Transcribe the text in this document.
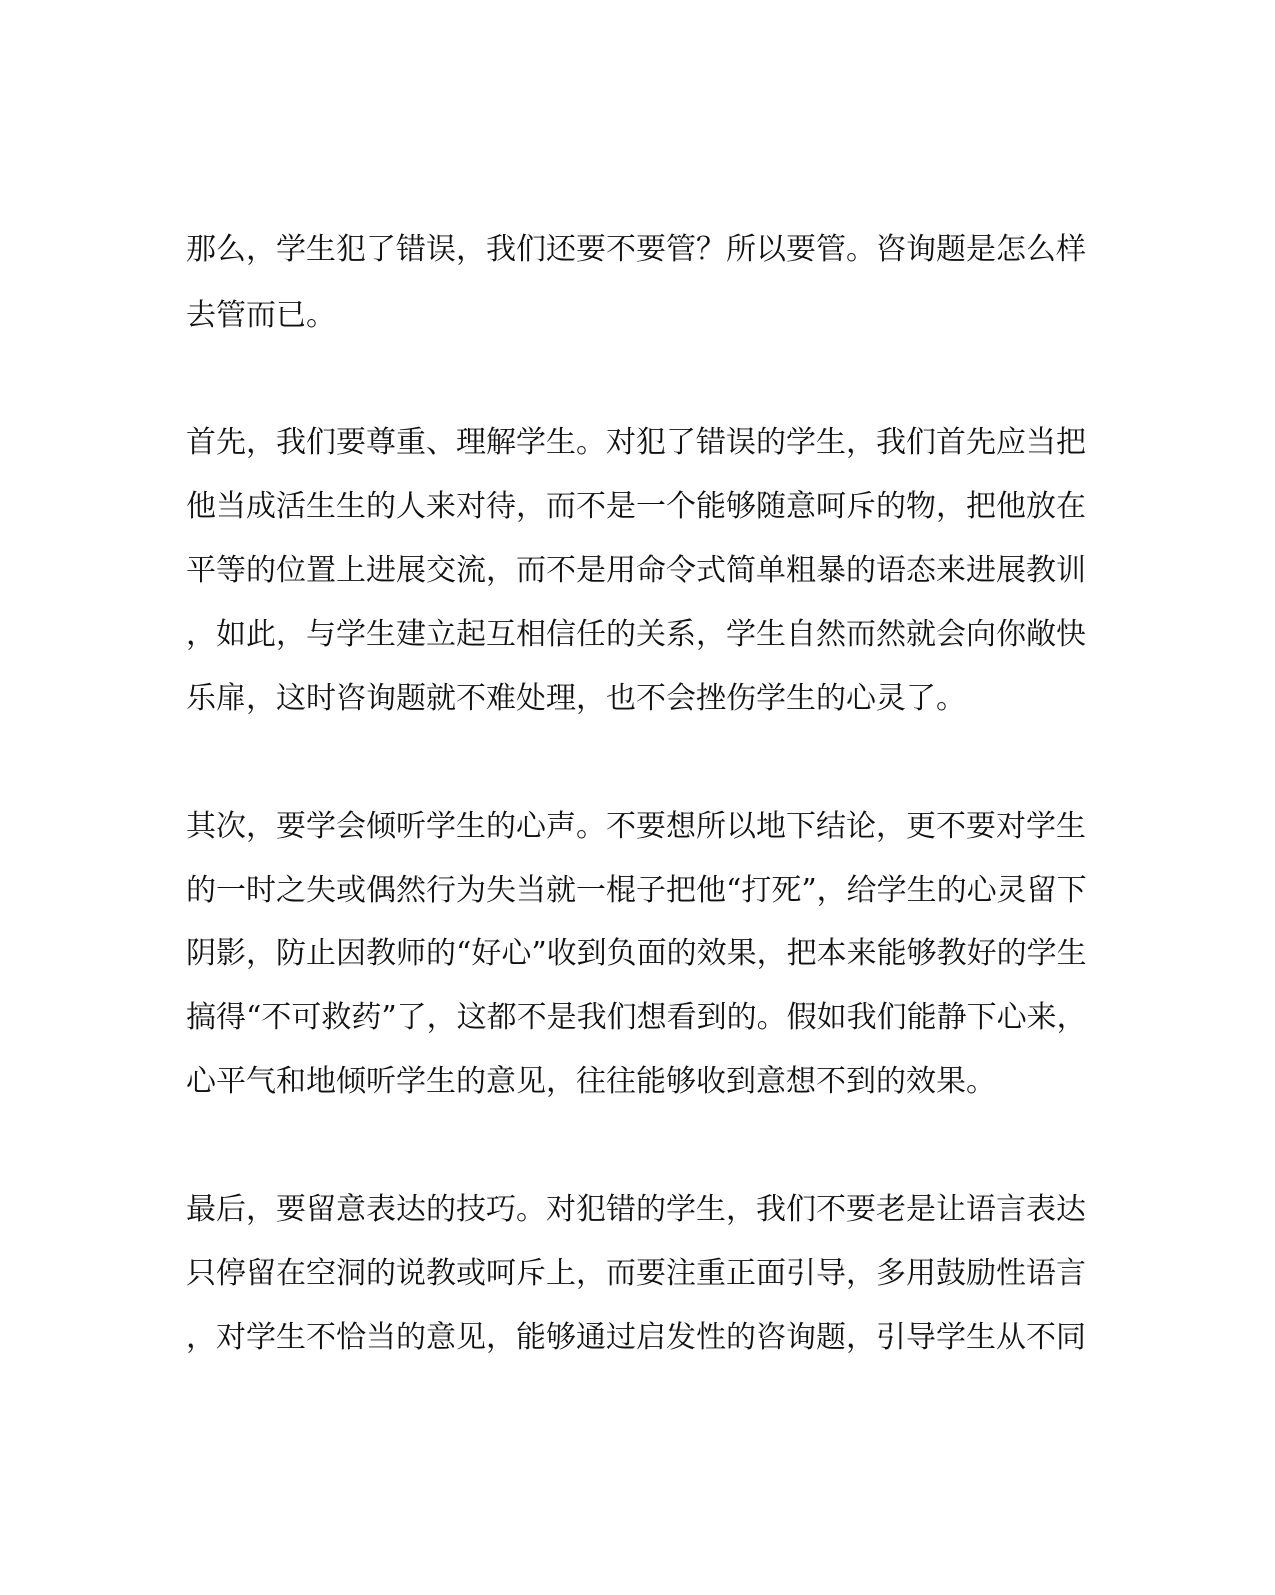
那么，学生犯了错误，我们还要不要管？所以要管。咨询题是怎么样
去管而已。
首先，我们要尊重、理解学生。对犯了错误的学生，我们首先应当把
他当成活生生的人来对待，而不是一个能够随意呵斥的物，把他放在
平等的位置上进展交流，而不是用命令式简单粗暴的语态来进展教训
，如此，与学生建立起互相信任的关系，学生自然而然就会向你敞快
乐扉，这时咨询题就不难处理，也不会挫伤学生的心灵了。
其次，要学会倾听学生的心声。不要想所以地下结论，更不要对学生
的一时之失或偶然行为失当就一棍子把他“打死”，给学生的心灵留下
阴影，防止因教师的“好心”收到负面的效果，把本来能够教好的学生
搞得“不可救药”了，这都不是我们想看到的。假如我们能静下心来，
心平气和地倾听学生的意见，往往能够收到意想不到的效果。
最后，要留意表达的技巧。对犯错的学生，我们不要老是让语言表达
只停留在空洞的说教或呵斥上，而要注重正面引导，多用鼓励性语言
，对学生不恰当的意见，能够通过启发性的咨询题，引导学生从不同
